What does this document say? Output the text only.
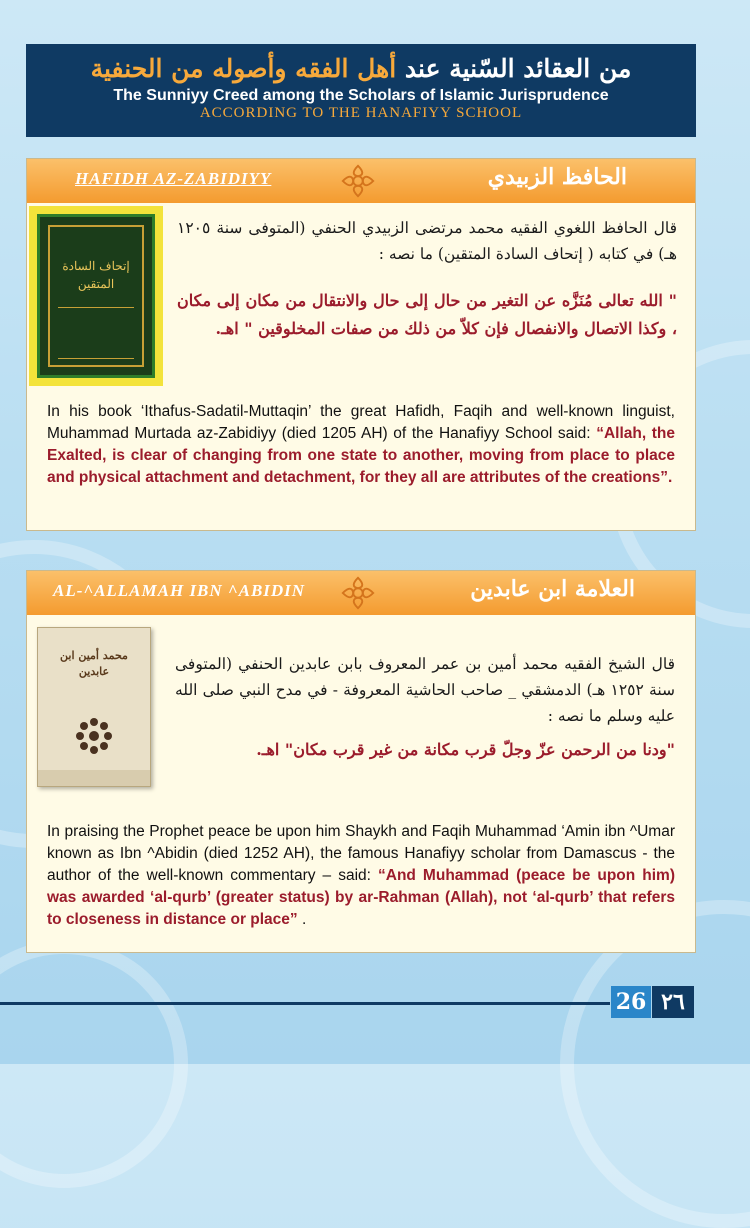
من العقائد السّنية عند أهل الفقه وأصوله من الحنفية
The Sunniyy Creed among the Scholars of Islamic Jurisprudence
ACCORDING TO THE HANAFIYY SCHOOL
HAFIDH AZ-ZABIDIYY	الحافظ الزبيدي
إتحاف السادة المتقين
قال الحافظ اللغوي الفقيه محمد مرتضى الزبيدي الحنفي (المتوفى سنة ١٢٠٥ هـ) في كتابه ( إتحاف السادة المتقين) ما نصه :
" الله تعالى مُنَزَّه عن التغير من حال إلى حال والانتقال من مكان إلى مكان ، وكذا الاتصال والانفصال فإن كلاّ من ذلك من صفات المخلوقين " اهـ.
In his book ‘Ithafus-Sadatil-Muttaqin’ the great Hafidh, Faqih and well-known linguist, Muhammad Murtada az-Zabidiyy (died 1205 AH) of the Hanafiyy School said: “Allah, the Exalted, is clear of changing from one state to another, moving from place to place and physical attachment and detachment, for they all are attributes of the creations”.
AL-^ALLAMAH IBN ^ABIDIN	العلامة ابن عابدين
محمد أمين ابن عابدين	قال الشيخ الفقيه محمد أمين بن عمر المعروف بابن عابدين الحنفي (المتوفى سنة ١٢٥٢ هـ) الدمشقي _ صاحب الحاشية المعروفة - في مدح النبي صلى الله عليه وسلم ما نصه :
"ودنا من الرحمن عزّ وجلّ قرب مكانة من غير قرب مكان" اهـ.
In praising the Prophet peace be upon him Shaykh and Faqih Muhammad ‘Amin ibn ^Umar known as Ibn ^Abidin (died 1252 AH), the famous Hanafiyy scholar from Damascus - the author of the well-known commentary – said: “And Muhammad (peace be upon him) was awarded ‘al-qurb’ (greater status) by ar-Rahman (Allah), not ‘al-qurb’ that refers to closeness in distance or place” .
26 ٢٦
